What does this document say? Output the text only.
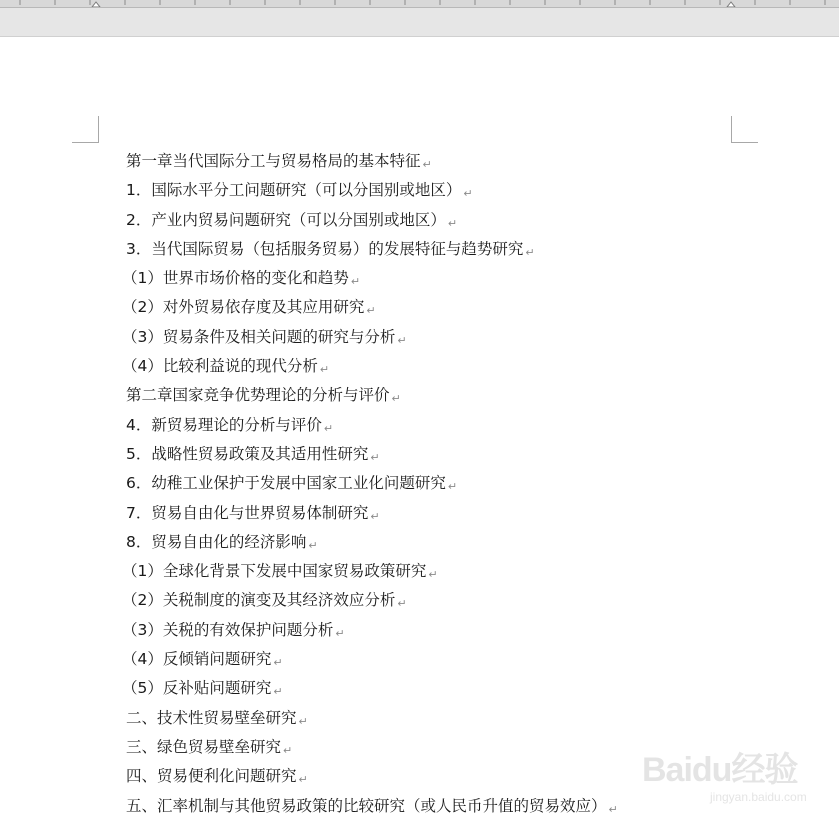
第一章当代国际分工与贸易格局的基本特征 ↵
1．国际水平分工问题研究（可以分国别或地区） ↵
2．产业内贸易问题研究（可以分国别或地区） ↵
3．当代国际贸易（包括服务贸易）的发展特征与趋势研究 ↵
（1）世界市场价格的变化和趋势 ↵
（2）对外贸易依存度及其应用研究 ↵
（3）贸易条件及相关问题的研究与分析 ↵
（4）比较利益说的现代分析 ↵
第二章国家竞争优势理论的分析与评价 ↵
4．新贸易理论的分析与评价 ↵
5．战略性贸易政策及其适用性研究 ↵
6．幼稚工业保护于发展中国家工业化问题研究 ↵
7．贸易自由化与世界贸易体制研究 ↵
8．贸易自由化的经济影响 ↵
（1）全球化背景下发展中国家贸易政策研究 ↵
（2）关税制度的演变及其经济效应分析 ↵
（3）关税的有效保护问题分析 ↵
（4）反倾销问题研究 ↵
（5）反补贴问题研究 ↵
二、技术性贸易壁垒研究 ↵
三、绿色贸易壁垒研究 ↵
四、贸易便利化问题研究 ↵
五、汇率机制与其他贸易政策的比较研究（或人民币升值的贸易效应） ↵
Baidu经验
jingyan.baidu.com
